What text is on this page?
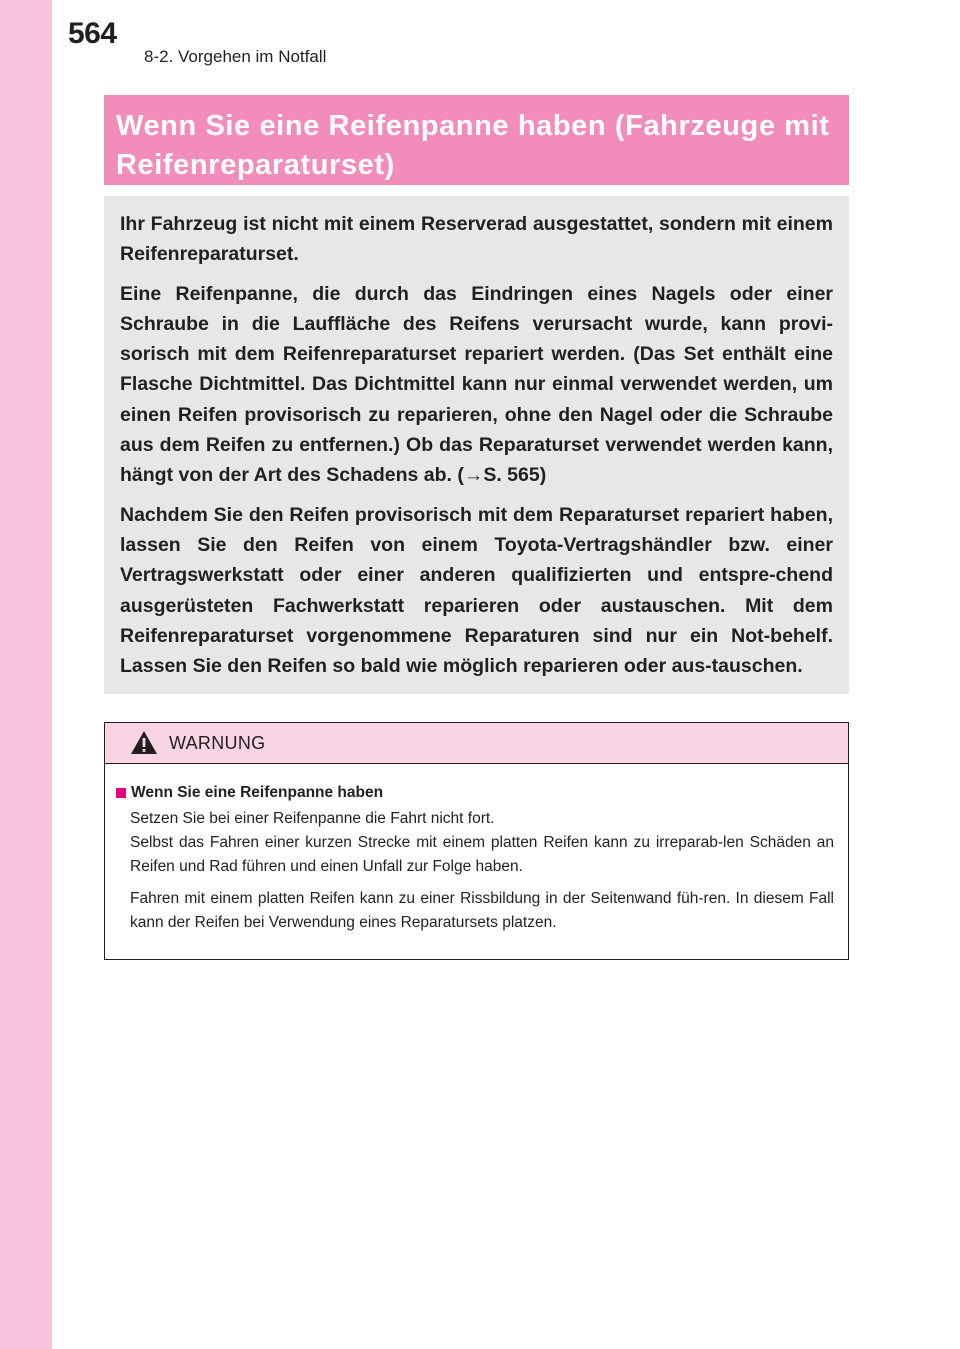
564
8-2. Vorgehen im Notfall
Wenn Sie eine Reifenpanne haben (Fahrzeuge mit Reifenreparaturset)

Ihr Fahrzeug ist nicht mit einem Reserverad ausgestattet, sondern mit einem Reifenreparaturset.

Eine Reifenpanne, die durch das Eindringen eines Nagels oder einer Schraube in die Lauffläche des Reifens verursacht wurde, kann provi-sorisch mit dem Reifenreparaturset repariert werden. (Das Set enthält eine Flasche Dichtmittel. Das Dichtmittel kann nur einmal verwendet werden, um einen Reifen provisorisch zu reparieren, ohne den Nagel oder die Schraube aus dem Reifen zu entfernen.) Ob das Reparaturset verwendet werden kann, hängt von der Art des Schadens ab. (→S. 565)

Nachdem Sie den Reifen provisorisch mit dem Reparaturset repariert haben, lassen Sie den Reifen von einem Toyota-Vertragshändler bzw. einer Vertragswerkstatt oder einer anderen qualifizierten und entspre-chend ausgerüsteten Fachwerkstatt reparieren oder austauschen. Mit dem Reifenreparaturset vorgenommene Reparaturen sind nur ein Not-behelf. Lassen Sie den Reifen so bald wie möglich reparieren oder aus-tauschen.

WARNUNG
Wenn Sie eine Reifenpanne haben

Setzen Sie bei einer Reifenpanne die Fahrt nicht fort.

Selbst das Fahren einer kurzen Strecke mit einem platten Reifen kann zu irreparab-len Schäden an Reifen und Rad führen und einen Unfall zur Folge haben.

Fahren mit einem platten Reifen kann zu einer Rissbildung in der Seitenwand füh-ren. In diesem Fall kann der Reifen bei Verwendung eines Reparatursets platzen.
